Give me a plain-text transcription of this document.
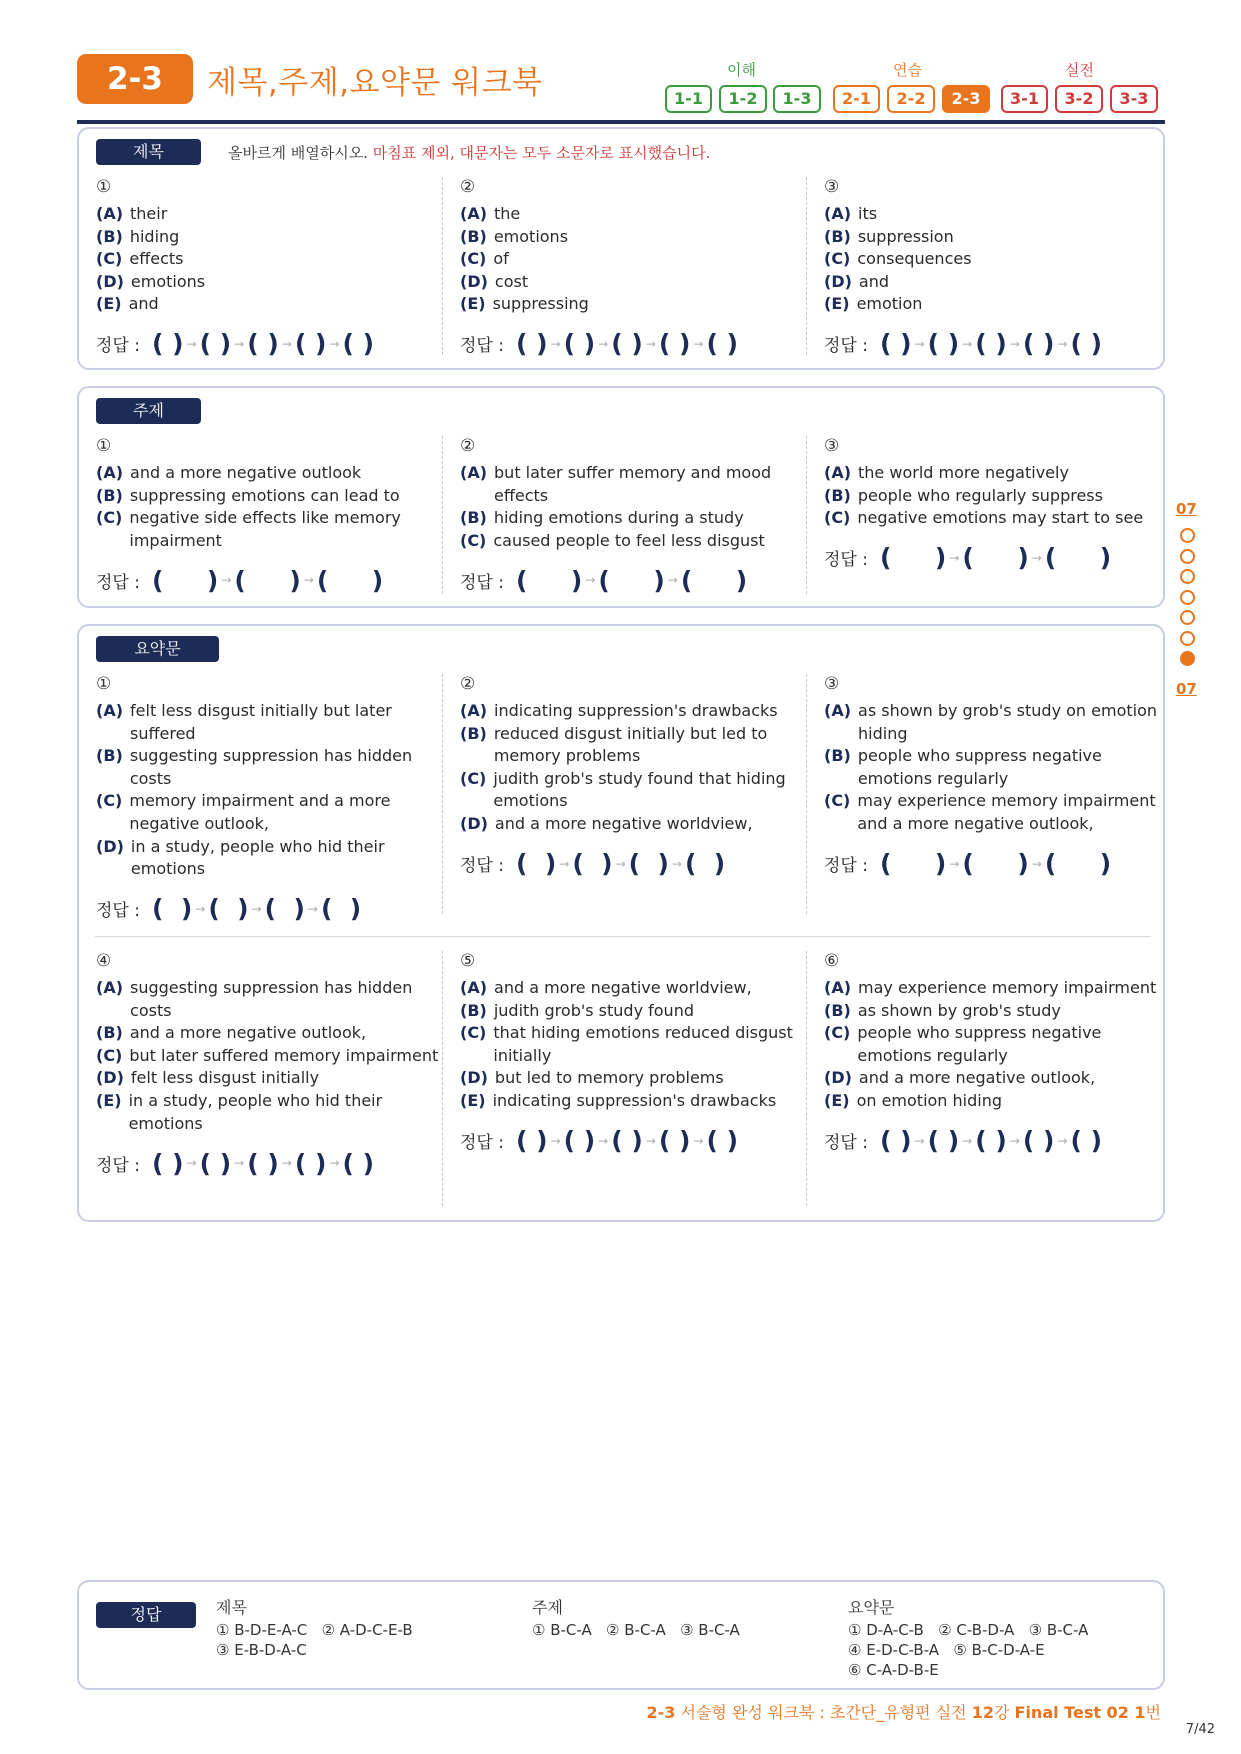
2-3	제목,주제,요약문 워크북	이해	연습	실전
1-1	1-2	1-3	2-1	2-2	2-3	3-1	3-2	3-3
제목	올바르게 배열하시오. 마침표 제외, 대문자는 모두 소문자로 표시했습니다.
①
(A) their
(B) hiding
(C) effects
(D) emotions
(E) and
정답 : ( ) → ( ) → ( ) → ( ) → ( )
②
(A) the
(B) emotions
(C) of
(D) cost
(E) suppressing
정답 : ( ) → ( ) → ( ) → ( ) → ( )
③
(A) its
(B) suppression
(C) consequences
(D) and
(E) emotion
정답 : ( ) → ( ) → ( ) → ( ) → ( )
주제
①
(A) and a more negative outlook
(B) suppressing emotions can lead to
(C) negative side effects like memory impairment
정답 : (     ) → (     ) → (     )
②
(A) but later suffer memory and mood effects
(B) hiding emotions during a study
(C) caused people to feel less disgust
정답 : (     ) → (     ) → (     )
③
(A) the world more negatively
(B) people who regularly suppress
(C) negative emotions may start to see
정답 : (     ) → (     ) → (     )
요약문
①
(A) felt less disgust initially but later suffered
(B) suggesting suppression has hidden costs
(C) memory impairment and a more negative outlook,
(D) in a study, people who hid their emotions
정답 : (  ) → (  ) → (  ) → (  )
②
(A) indicating suppression's drawbacks
(B) reduced disgust initially but led to memory problems
(C) judith grob's study found that hiding emotions
(D) and a more negative worldview,
정답 : (  ) → (  ) → (  ) → (  )
③
(A) as shown by grob's study on emotion hiding
(B) people who suppress negative emotions regularly
(C) may experience memory impairment and a more negative outlook,
정답 : (     ) → (     ) → (     )
④
(A) suggesting suppression has hidden costs
(B) and a more negative outlook,
(C) but later suffered memory impairment
(D) felt less disgust initially
(E) in a study, people who hid their emotions
정답 : ( ) → ( ) → ( ) → ( ) → ( )
⑤
(A) and a more negative worldview,
(B) judith grob's study found
(C) that hiding emotions reduced disgust initially
(D) but led to memory problems
(E) indicating suppression's drawbacks
정답 : ( ) → ( ) → ( ) → ( ) → ( )
⑥
(A) may experience memory impairment
(B) as shown by grob's study
(C) people who suppress negative emotions regularly
(D) and a more negative outlook,
(E) on emotion hiding
정답 : ( ) → ( ) → ( ) → ( ) → ( )
07
07
정답	제목
① B-D-E-A-C   ② A-D-C-E-B
③ E-B-D-A-C
주제
① B-C-A   ② B-C-A   ③ B-C-A
요약문
① D-A-C-B   ② C-B-D-A   ③ B-C-A
④ E-D-C-B-A   ⑤ B-C-D-A-E
⑥ C-A-D-B-E
2-3 서술형 완성 워크북 : 초간단_유형편 실전 12강 Final Test 02 1번
7/42
